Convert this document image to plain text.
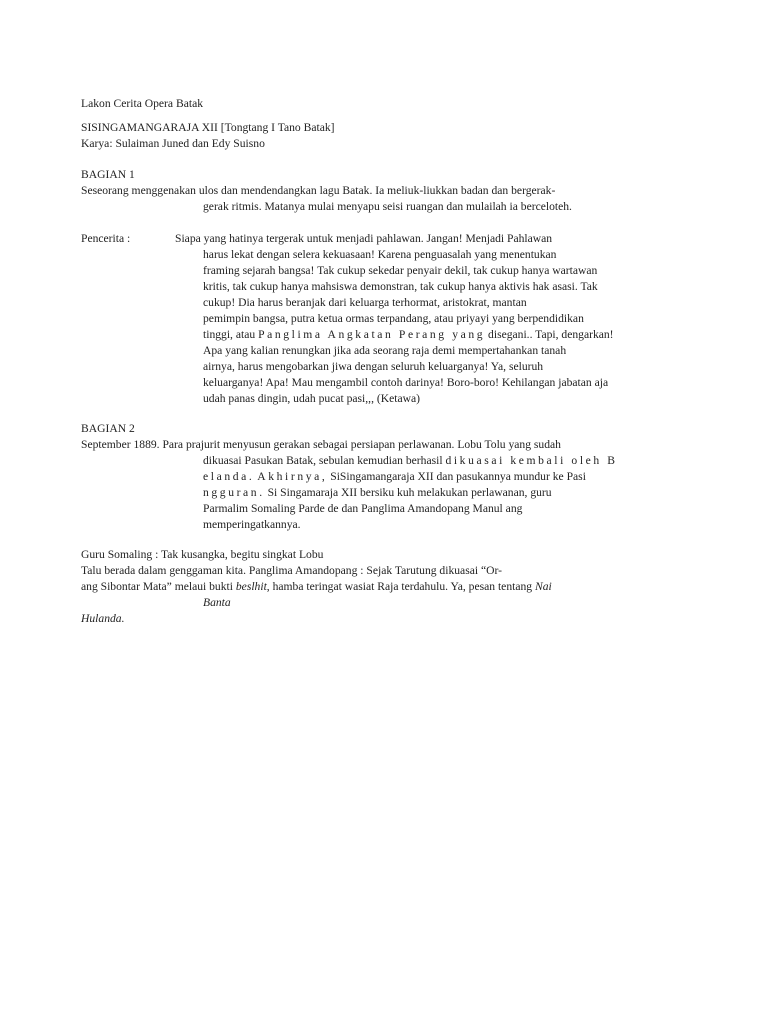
Lakon Cerita Opera Batak
SISINGAMANGARAJA XII [Tongtang I Tano Batak]
Karya: Sulaiman Juned dan Edy Suisno
BAGIAN 1
Seseorang menggenakan ulos dan mendendangkan lagu Batak. Ia meliuk-liukkan badan dan bergerak-
gerak ritmis. Matanya mulai menyapu seisi ruangan dan mulailah ia berceloteh.
Pencerita :	Siapa yang hatinya tergerak untuk menjadi pahlawan. Jangan! Menjadi Pahlawan
harus lekat dengan selera kekuasaan! Karena penguasalah yang menentukan
framing sejarah bangsa! Tak cukup sekedar penyair dekil, tak cukup hanya wartawan
kritis, tak cukup hanya mahsiswa demonstran, tak cukup hanya aktivis hak asasi. Tak
cukup! Dia harus beranjak dari keluarga terhormat, aristokrat, mantan
pemimpin bangsa, putra ketua ormas terpandang, atau priyayi yang berpendidikan
tinggi, atau Panglima Angkatan Perang yang disegani.. Tapi, dengarkan!
Apa yang kalian renungkan jika ada seorang raja demi mempertahankan tanah
airnya, harus mengobarkan jiwa dengan seluruh keluarganya! Ya, seluruh
keluarganya! Apa! Mau mengambil contoh darinya! Boro-boro! Kehilangan jabatan aja
udah panas dingin, udah pucat pasi,,, (Ketawa)
BAGIAN 2
September 1889. Para prajurit menyusun gerakan sebagai persiapan perlawanan. Lobu Tolu yang sudah
dikuasai Pasukan Batak, sebulan kemudian berhasil dikuasai kembali oleh B
elanda. Akhirnya, SiSingamangaraja XII dan pasukannya mundur ke Pasi
ngguran. Si Singamaraja XII bersiku kuh melakukan perlawanan, guru
Parmalim Somaling Parde de dan Panglima Amandopang Manul ang
memperingatkannya.
Guru Somaling : Tak kusangka, begitu singkat Lobu
Talu berada dalam genggaman kita. Panglima Amandopang : Sejak Tarutung dikuasai “Or-
ang Sibontar Mata” melaui bukti beslhit, hamba teringat wasiat Raja terdahulu. Ya, pesan tentang Nai
Banta
Hulanda.
